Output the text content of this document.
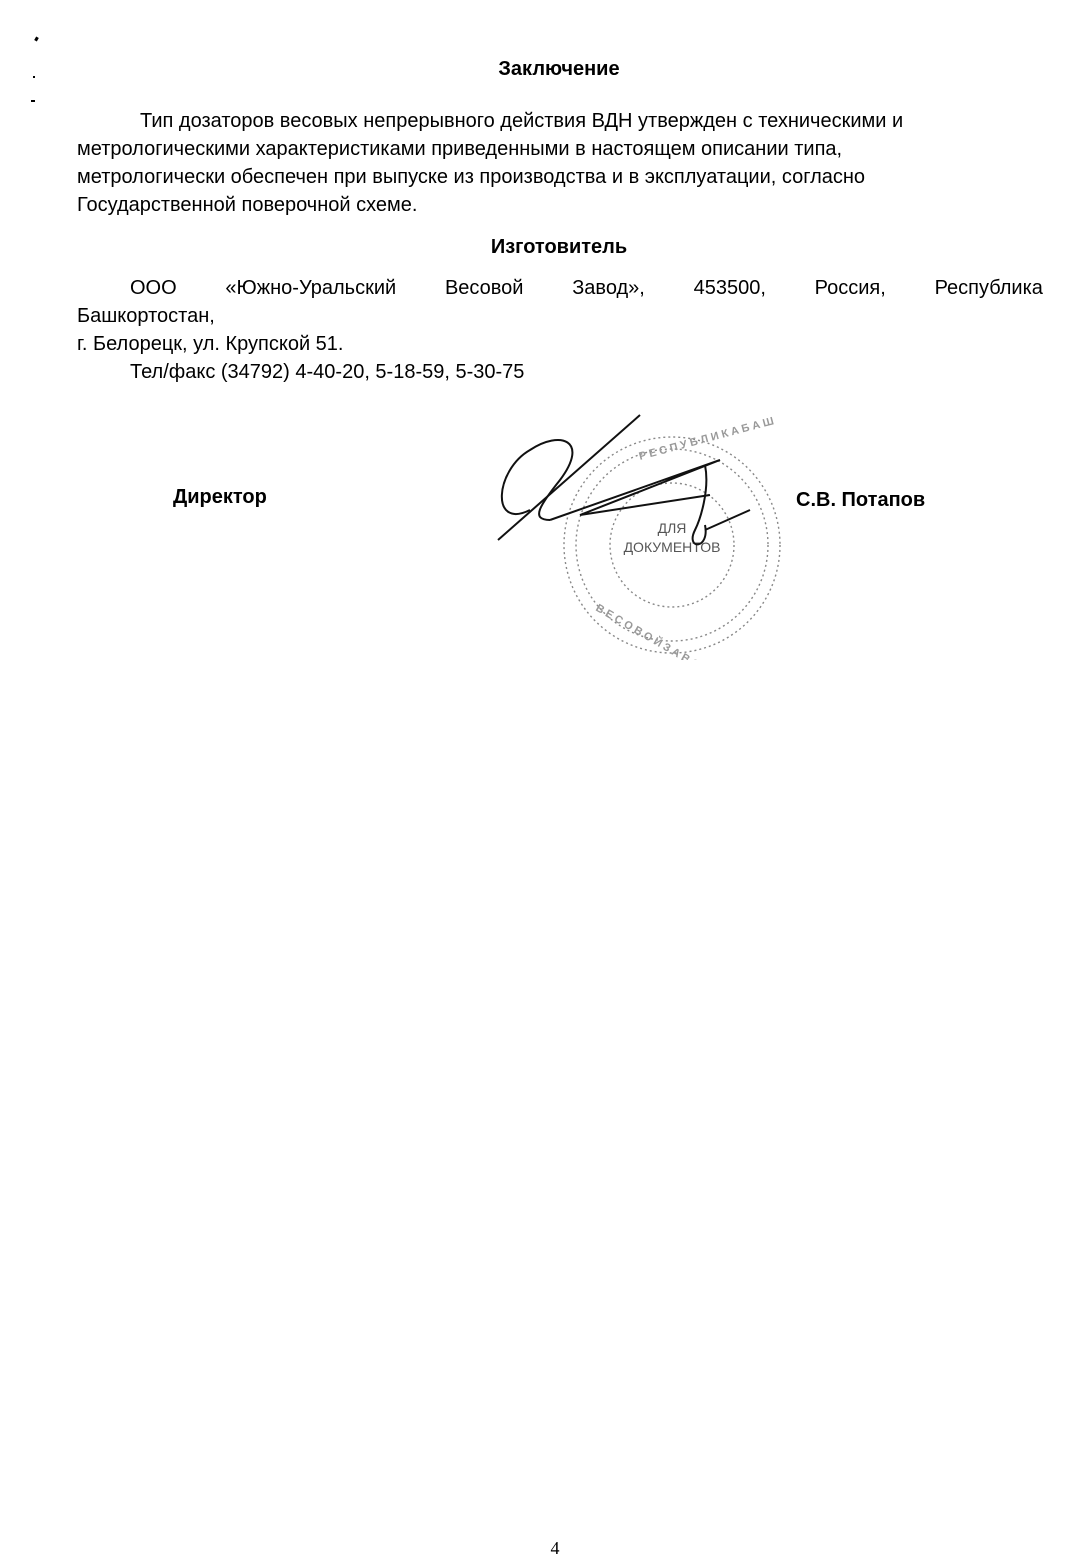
Заключение
Тип дозаторов весовых непрерывного действия ВДН утвержден с техническими и
метрологическими характеристиками приведенными в настоящем описании типа,
метрологически обеспечен при выпуске из производства и в эксплуатации, согласно
Государственной поверочной схеме.
Изготовитель
ООО «Южно-Уральский Весовой Завод», 453500, Россия, Республика
Башкортостан,
г. Белорецк, ул. Крупской 51.
Тел/факс (34792) 4-40-20, 5-18-59, 5-30-75
Директор
Р Е С П У Б Л И К А Б А Ш
В Е С О В О Й З А В О Д
ДЛЯ
ДОКУМЕНТОВ
С.В. Потапов
4
